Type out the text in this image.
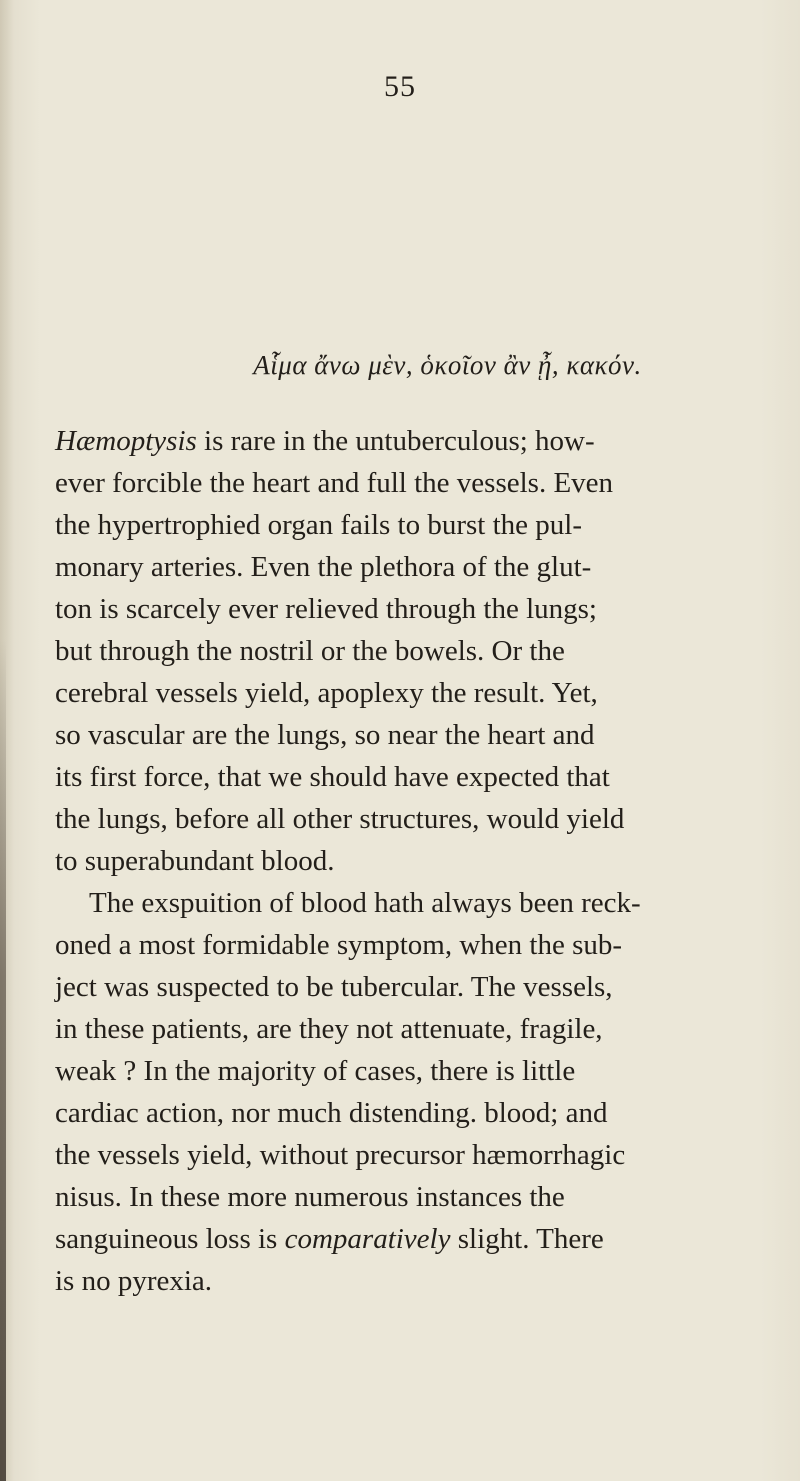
55
Αἷμα ἄνω μὲν, ὁκοῖον ἂν ᾖ, κακόν.
Hæmoptysis is rare in the untuberculous; how-
ever forcible the heart and full the vessels. Even
the hypertrophied organ fails to burst the pul-
monary arteries. Even the plethora of the glut-
ton is scarcely ever relieved through the lungs;
but through the nostril or the bowels. Or the
cerebral vessels yield, apoplexy the result. Yet,
so vascular are the lungs, so near the heart and
its first force, that we should have expected that
the lungs, before all other structures, would yield
to superabundant blood.
The exspuition of blood hath always been reck-
oned a most formidable symptom, when the sub-
ject was suspected to be tubercular. The vessels,
in these patients, are they not attenuate, fragile,
weak ? In the majority of cases, there is little
cardiac action, nor much distending. blood; and
the vessels yield, without precursor hæmorrhagic
nisus. In these more numerous instances the
sanguineous loss is comparatively slight. There
is no pyrexia.
